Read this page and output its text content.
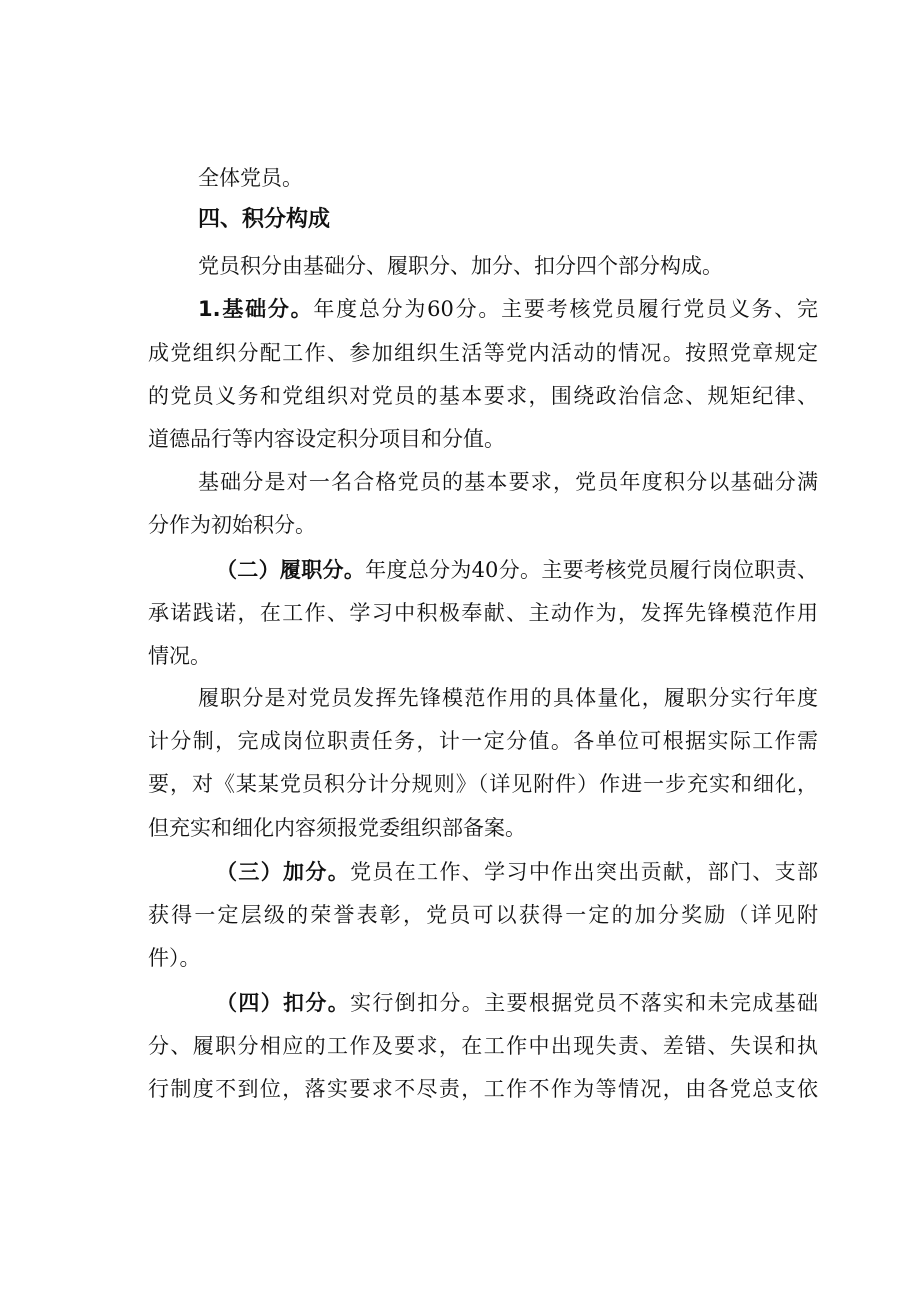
全体党员。

四、积分构成

党员积分由基础分、履职分、加分、扣分四个部分构成。

1.基础分。年度总分为60分。主要考核党员履行党员义务、完

成党组织分配工作、参加组织生活等党内活动的情况。按照党章规定

的党员义务和党组织对党员的基本要求，围绕政治信念、规矩纪律、

道德品行等内容设定积分项目和分值。

基础分是对一名合格党员的基本要求，党员年度积分以基础分满

分作为初始积分。

（二）履职分。年度总分为40分。主要考核党员履行岗位职责、

承诺践诺，在工作、学习中积极奉献、主动作为，发挥先锋模范作用

情况。

履职分是对党员发挥先锋模范作用的具体量化，履职分实行年度

计分制，完成岗位职责任务，计一定分值。各单位可根据实际工作需

要，对《某某党员积分计分规则》（详见附件）作进一步充实和细化，

但充实和细化内容须报党委组织部备案。

（三）加分。党员在工作、学习中作出突出贡献，部门、支部

获得一定层级的荣誉表彰，党员可以获得一定的加分奖励（详见附

件）。

（四）扣分。实行倒扣分。主要根据党员不落实和未完成基础

分、履职分相应的工作及要求，在工作中出现失责、差错、失误和执

行制度不到位，落实要求不尽责，工作不作为等情况，由各党总支依
